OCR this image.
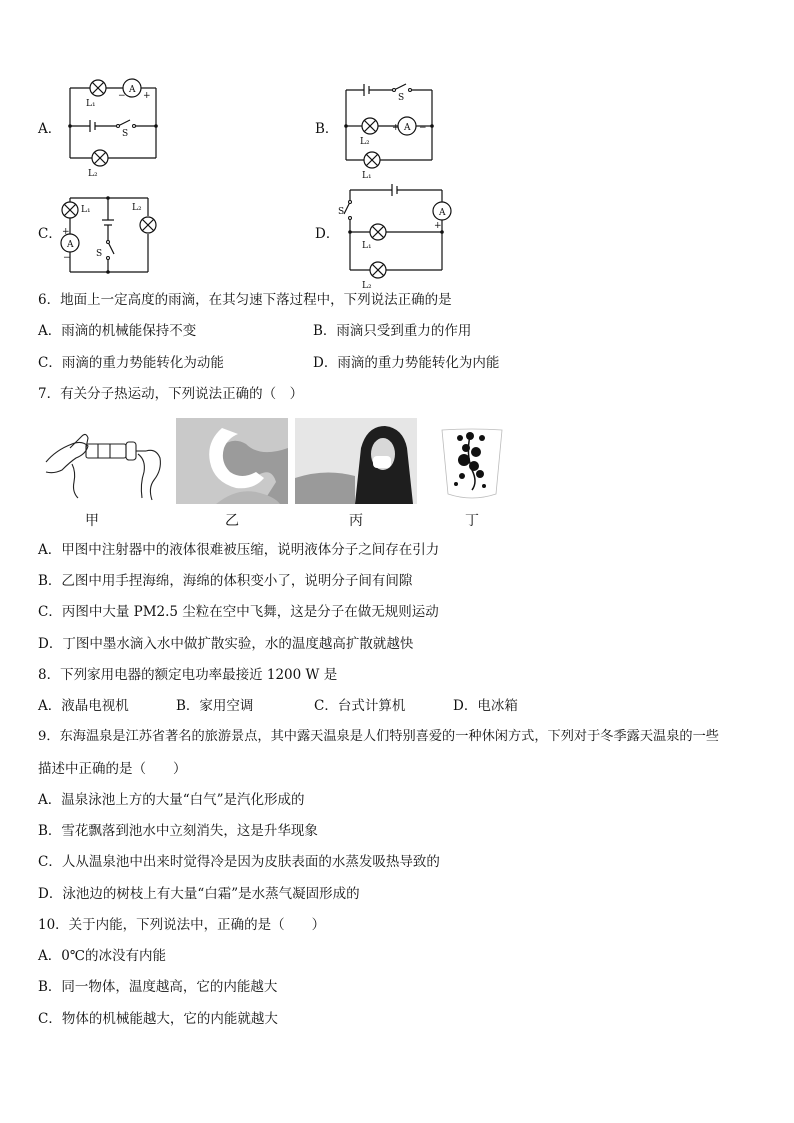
A．
A
+
−
L₁
L₂
S	B．	A
+ −
L₂
L₁
S
C．
A
+
−
L₁	L₂
S
D．
A
+
L₁
L₂
S
6．地面上一定高度的雨滴，在其匀速下落过程中，下列说法正确的是
A．雨滴的机械能保持不变	B．雨滴只受到重力的作用
C．雨滴的重力势能转化为动能	D．雨滴的重力势能转化为内能
7．有关分子热运动，下列说法正确的（　）
甲	乙	丙	丁
A．甲图中注射器中的液体很难被压缩，说明液体分子之间存在引力
B．乙图中用手捏海绵，海绵的体积变小了，说明分子间有间隙
C．丙图中大量 PM2.5 尘粒在空中飞舞，这是分子在做无规则运动
D．丁图中墨水滴入水中做扩散实验，水的温度越高扩散就越快
8．下列家用电器的额定电功率最接近 1200 W 是
A．液晶电视机	B．家用空调	C．台式计算机	D．电冰箱
9．东海温泉是江苏省著名的旅游景点，其中露天温泉是人们特别喜爱的一种休闲方式，下列对于冬季露天温泉的一些
描述中正确的是（　　）
A．温泉泳池上方的大量“白气”是汽化形成的
B．雪花飘落到池水中立刻消失，这是升华现象
C．人从温泉池中出来时觉得冷是因为皮肤表面的水蒸发吸热导致的
D．泳池边的树枝上有大量“白霜”是水蒸气凝固形成的
10．关于内能，下列说法中，正确的是（　　）
A．0℃的冰没有内能
B．同一物体，温度越高，它的内能越大
C．物体的机械能越大，它的内能就越大
